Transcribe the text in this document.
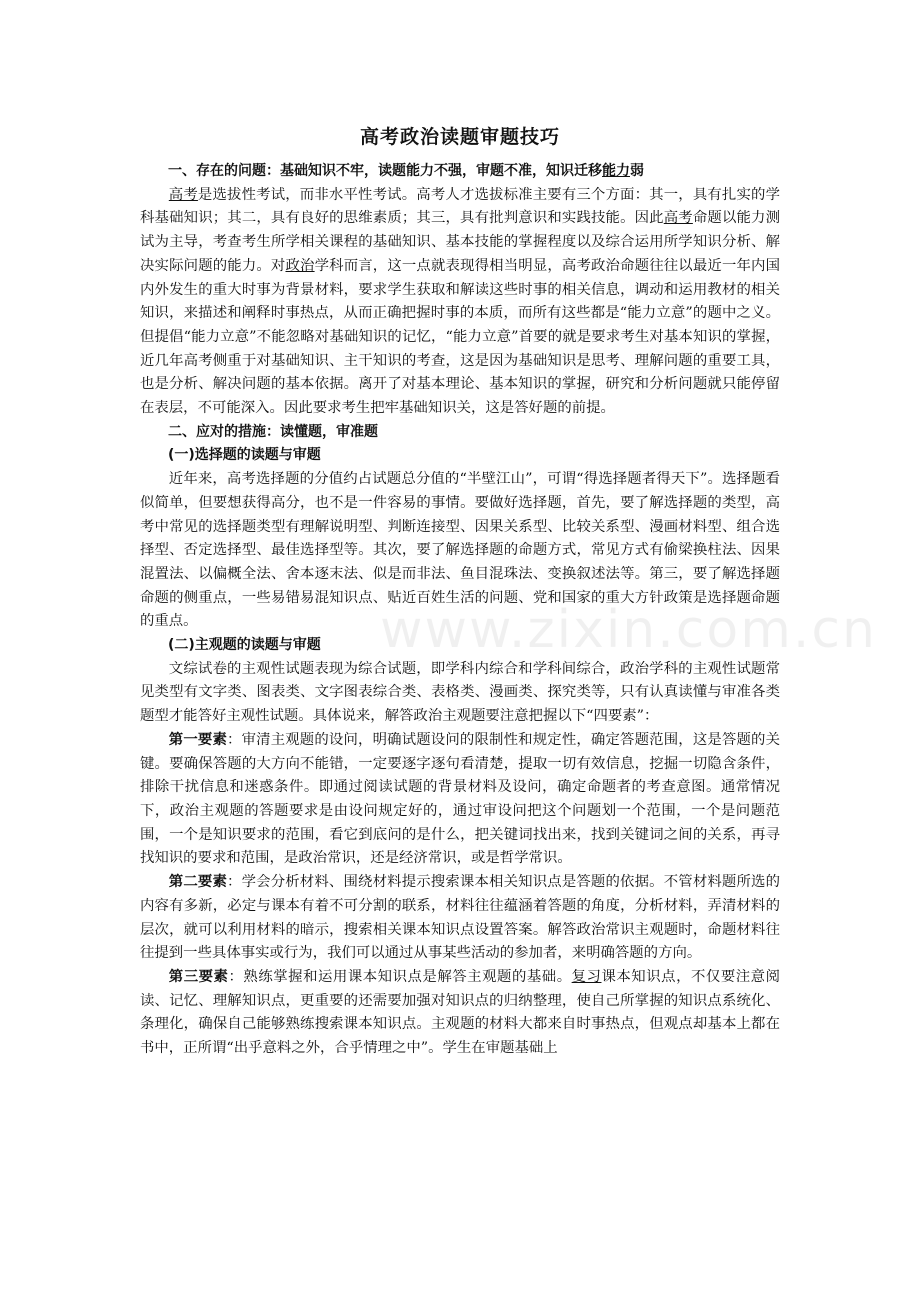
www.zixin.com.cn
高考政治读题审题技巧

一、存在的问题：基础知识不牢，读题能力不强，审题不准，知识迁移能力弱

高考是选拔性考试，而非水平性考试。高考人才选拔标准主要有三个方面：其一，具有扎实的学科基础知识；其二，具有良好的思维素质；其三，具有批判意识和实践技能。因此高考命题以能力测试为主导，考查考生所学相关课程的基础知识、基本技能的掌握程度以及综合运用所学知识分析、解决实际问题的能力。对政治学科而言，这一点就表现得相当明显，高考政治命题往往以最近一年内国内外发生的重大时事为背景材料，要求学生获取和解读这些时事的相关信息，调动和运用教材的相关知识，来描述和阐释时事热点，从而正确把握时事的本质，而所有这些都是“能力立意”的题中之义。但提倡“能力立意”不能忽略对基础知识的记忆，“能力立意”首要的就是要求考生对基本知识的掌握，近几年高考侧重于对基础知识、主干知识的考查，这是因为基础知识是思考、理解问题的重要工具，也是分析、解决问题的基本依据。离开了对基本理论、基本知识的掌握，研究和分析问题就只能停留在表层，不可能深入。因此要求考生把牢基础知识关，这是答好题的前提。

二、应对的措施：读懂题，审准题

(一)选择题的读题与审题

近年来，高考选择题的分值约占试题总分值的“半壁江山”，可谓“得选择题者得天下”。选择题看似简单，但要想获得高分，也不是一件容易的事情。要做好选择题，首先，要了解选择题的类型，高考中常见的选择题类型有理解说明型、判断连接型、因果关系型、比较关系型、漫画材料型、组合选择型、否定选择型、最佳选择型等。其次，要了解选择题的命题方式，常见方式有偷梁换柱法、因果混置法、以偏概全法、舍本逐末法、似是而非法、鱼目混珠法、变换叙述法等。第三，要了解选择题命题的侧重点，一些易错易混知识点、贴近百姓生活的问题、党和国家的重大方针政策是选择题命题的重点。

(二)主观题的读题与审题

文综试卷的主观性试题表现为综合试题，即学科内综合和学科间综合，政治学科的主观性试题常见类型有文字类、图表类、文字图表综合类、表格类、漫画类、探究类等，只有认真读懂与审准各类题型才能答好主观性试题。具体说来，解答政治主观题要注意把握以下“四要素”：

第一要素：审清主观题的设问，明确试题设问的限制性和规定性，确定答题范围，这是答题的关键。要确保答题的大方向不能错，一定要逐字逐句看清楚，提取一切有效信息，挖掘一切隐含条件，排除干扰信息和迷惑条件。即通过阅读试题的背景材料及设问，确定命题者的考查意图。通常情况下，政治主观题的答题要求是由设问规定好的，通过审设问把这个问题划一个范围，一个是问题范围，一个是知识要求的范围，看它到底问的是什么，把关键词找出来，找到关键词之间的关系，再寻找知识的要求和范围，是政治常识，还是经济常识，或是哲学常识。

第二要素：学会分析材料、围绕材料提示搜索课本相关知识点是答题的依据。不管材料题所选的内容有多新，必定与课本有着不可分割的联系，材料往往蕴涵着答题的角度，分析材料，弄清材料的层次，就可以利用材料的暗示，搜索相关课本知识点设置答案。解答政治常识主观题时，命题材料往往提到一些具体事实或行为，我们可以通过从事某些活动的参加者，来明确答题的方向。

第三要素：熟练掌握和运用课本知识点是解答主观题的基础。复习课本知识点，不仅要注意阅读、记忆、理解知识点，更重要的还需要加强对知识点的归纳整理，使自己所掌握的知识点系统化、条理化，确保自己能够熟练搜索课本知识点。主观题的材料大都来自时事热点，但观点却基本上都在书中，正所谓“出乎意料之外，合乎情理之中”。学生在审题基础上
